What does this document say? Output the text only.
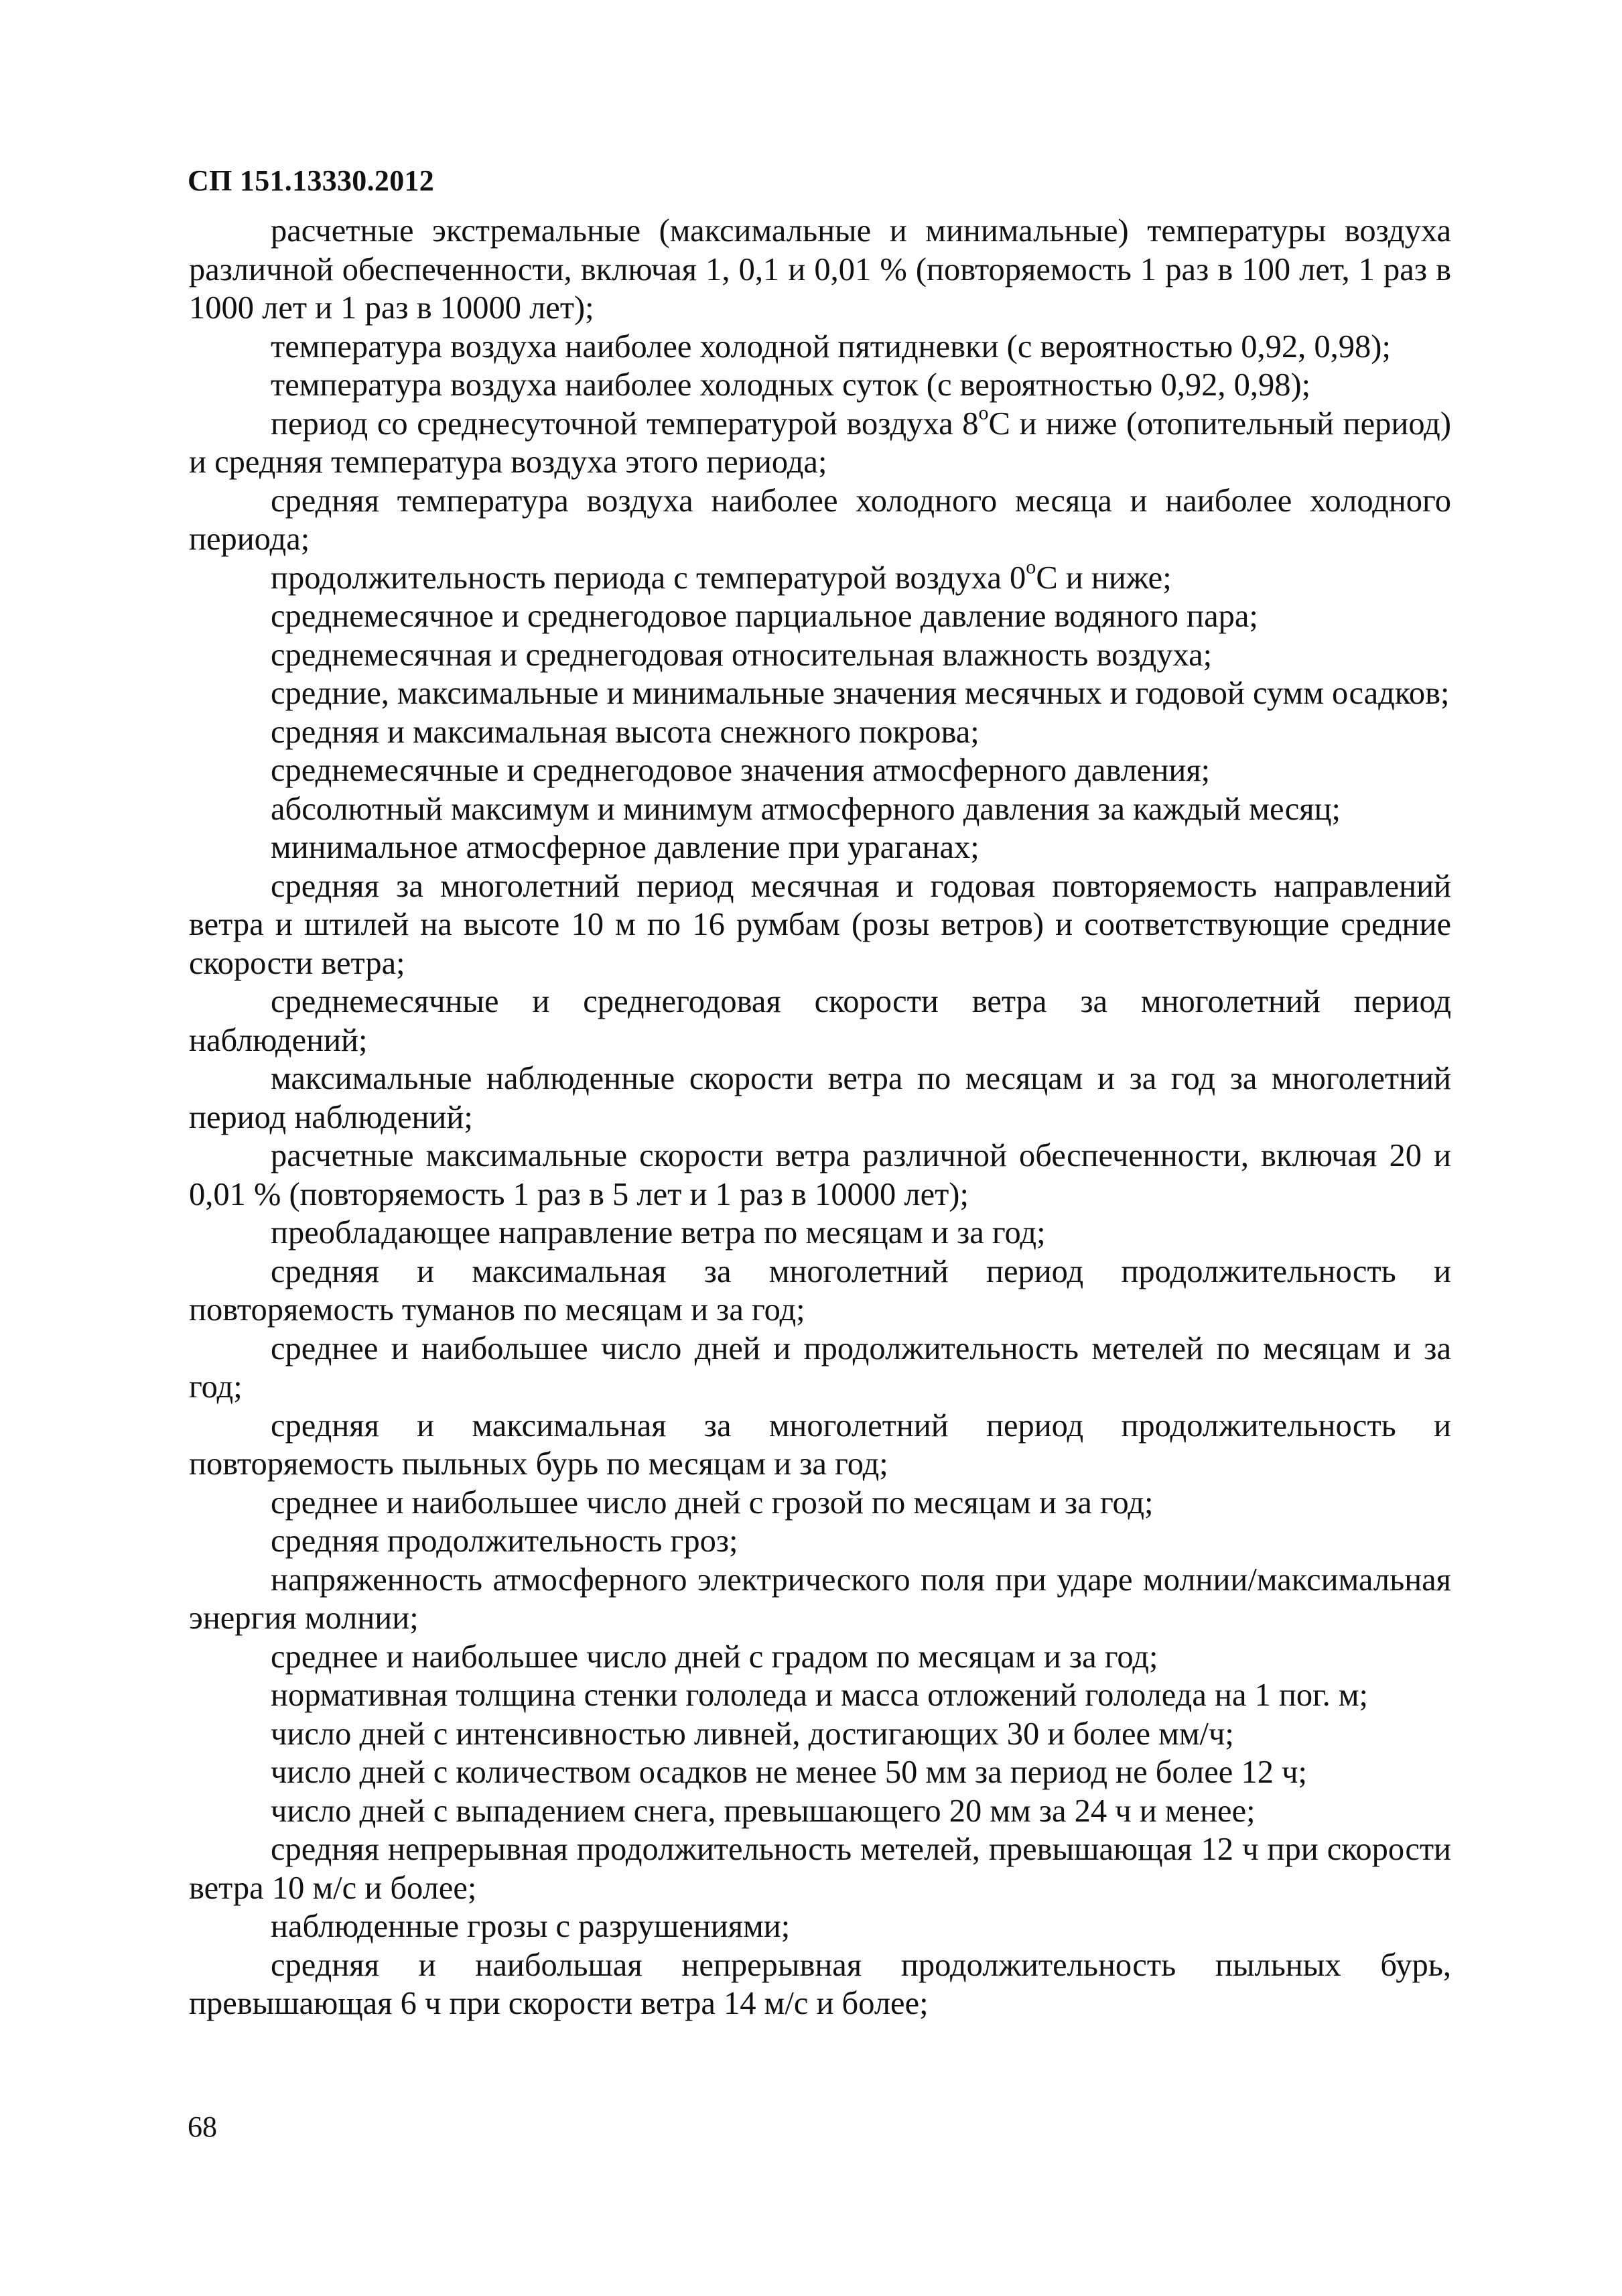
СП 151.13330.2012

расчетные экстремальные (максимальные и минимальные) температуры воздуха различной обеспеченности, включая 1, 0,1 и 0,01 % (повторяемость 1 раз в 100 лет, 1 раз в 1000 лет и 1 раз в 10000 лет);

температура воздуха наиболее холодной пятидневки (с вероятностью 0,92, 0,98);

температура воздуха наиболее холодных суток (с вероятностью 0,92, 0,98);

период со среднесуточной температурой воздуха $8^оС$ и ниже (отопительный период) и средняя температура воздуха этого периода;

средняя температура воздуха наиболее холодного месяца и наиболее холодного периода;

продолжительность периода с температурой воздуха $0^оС$ и ниже;

среднемесячное и среднегодовое парциальное давление водяного пара;

среднемесячная и среднегодовая относительная влажность воздуха;

средние, максимальные и минимальные значения месячных и годовой сумм осадков;

средняя и максимальная высота снежного покрова;

среднемесячные и среднегодовое значения атмосферного давления;

абсолютный максимум и минимум атмосферного давления за каждый месяц;

минимальное атмосферное давление при ураганах;

средняя за многолетний период месячная и годовая повторяемость направлений ветра и штилей на высоте 10 м по 16 румбам (розы ветров) и соответствующие средние скорости ветра;

среднемесячные и среднегодовая скорости ветра за многолетний период наблюдений;

максимальные наблюденные скорости ветра по месяцам и за год за многолетний период наблюдений;

расчетные максимальные скорости ветра различной обеспеченности, включая 20 и 0,01 % (повторяемость 1 раз в 5 лет и 1 раз в 10000 лет);

преобладающее направление ветра по месяцам и за год;

средняя и максимальная за многолетний период продолжительность и повторяемость туманов по месяцам и за год;

среднее и наибольшее число дней и продолжительность метелей по месяцам и за год;

средняя и максимальная за многолетний период продолжительность и повторяемость пыльных бурь по месяцам и за год;

среднее и наибольшее число дней с грозой по месяцам и за год;

средняя продолжительность гроз;

напряженность атмосферного электрического поля при ударе молнии/максимальная энергия молнии;

среднее и наибольшее число дней с градом по месяцам и за год;

нормативная толщина стенки гололеда и масса отложений гололеда на 1 пог. м;

число дней с интенсивностью ливней, достигающих 30 и более мм/ч;

число дней с количеством осадков не менее 50 мм за период не более 12 ч;

число дней с выпадением снега, превышающего 20 мм за 24 ч и менее;

средняя непрерывная продолжительность метелей, превышающая 12 ч при скорости ветра 10 м/с и более;

наблюденные грозы с разрушениями;

средняя и наибольшая непрерывная продолжительность пыльных бурь, превышающая 6 ч при скорости ветра 14 м/с и более;

68
